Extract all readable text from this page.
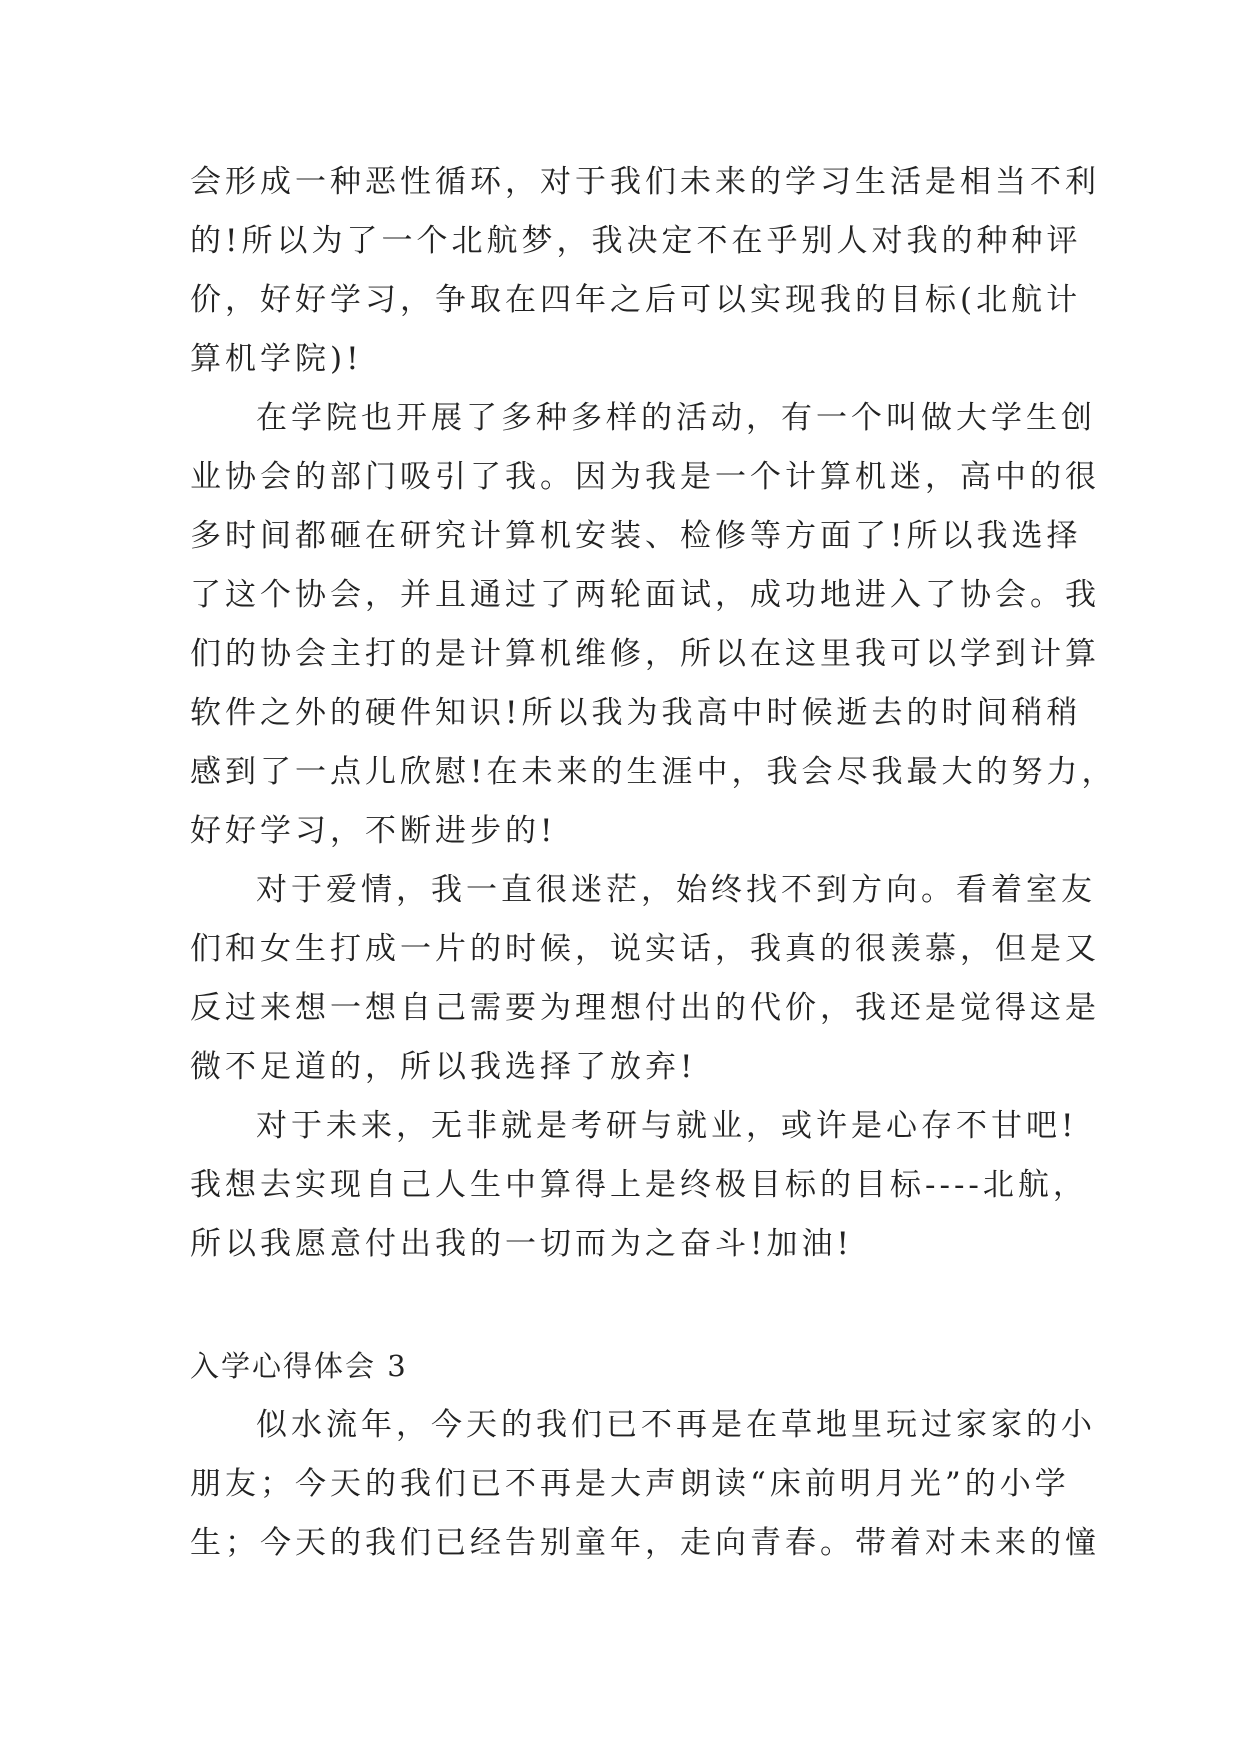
会形成一种恶性循环，对于我们未来的学习生活是相当不利
的!所以为了一个北航梦，我决定不在乎别人对我的种种评
价，好好学习，争取在四年之后可以实现我的目标(北航计
算机学院)!
在学院也开展了多种多样的活动，有一个叫做大学生创
业协会的部门吸引了我。因为我是一个计算机迷，高中的很
多时间都砸在研究计算机安装、检修等方面了!所以我选择
了这个协会，并且通过了两轮面试，成功地进入了协会。我
们的协会主打的是计算机维修，所以在这里我可以学到计算
软件之外的硬件知识!所以我为我高中时候逝去的时间稍稍
感到了一点儿欣慰!在未来的生涯中，我会尽我最大的努力，
好好学习，不断进步的!
对于爱情，我一直很迷茫，始终找不到方向。看着室友
们和女生打成一片的时候，说实话，我真的很羡慕，但是又
反过来想一想自己需要为理想付出的代价，我还是觉得这是
微不足道的，所以我选择了放弃!
对于未来，无非就是考研与就业，或许是心存不甘吧!
我想去实现自己人生中算得上是终极目标的目标----北航，
所以我愿意付出我的一切而为之奋斗!加油!
入学心得体会 3
似水流年，今天的我们已不再是在草地里玩过家家的小
朋友；今天的我们已不再是大声朗读“床前明月光”的小学
生；今天的我们已经告别童年，走向青春。带着对未来的憧
